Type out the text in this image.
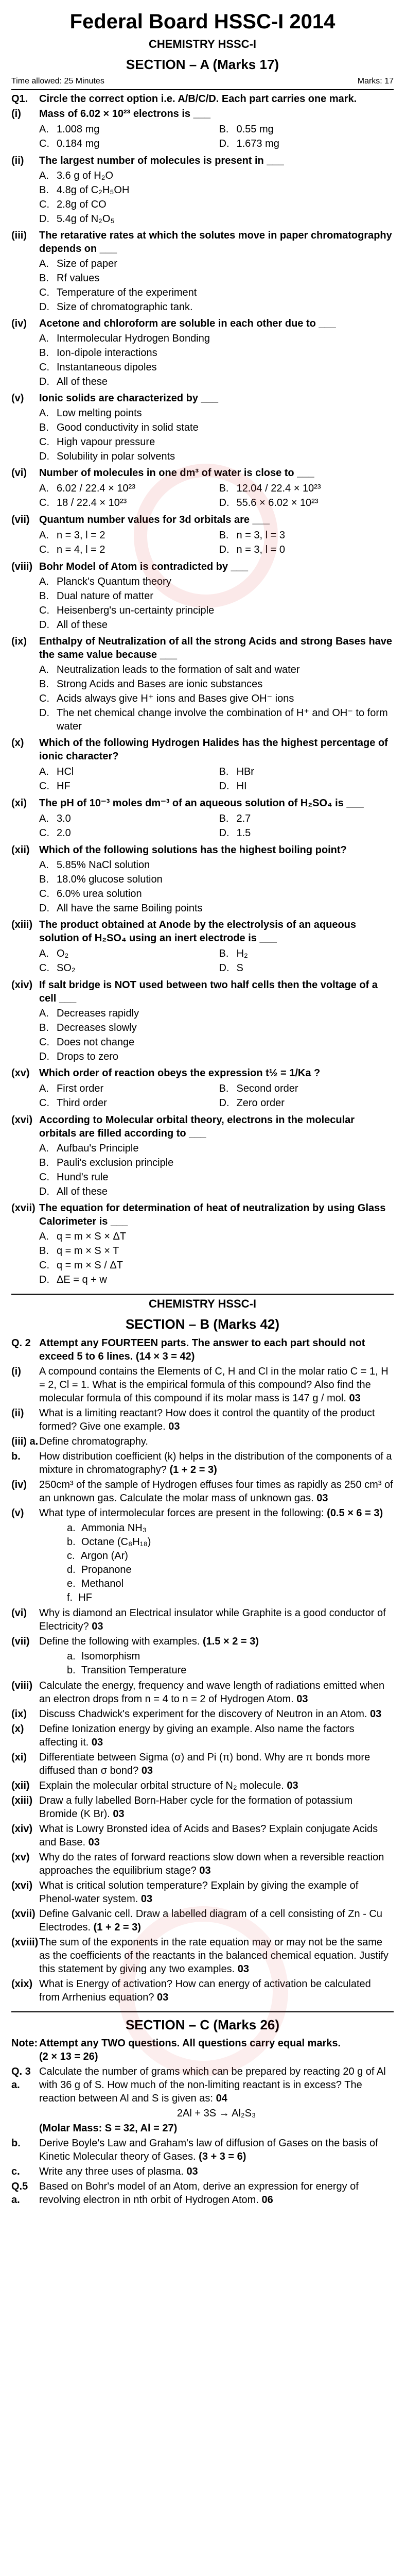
Federal Board HSSC-I 2014
CHEMISTRY HSSC-I
SECTION – A (Marks 17)
Time allowed: 25 Minutes	Marks: 17
Q1.	Circle the correct option i.e. A/B/C/D. Each part carries one mark.
(i)	Mass of 6.02 × 10²³ electrons is ___
A. 1.008 mg	B. 0.55 mg
C. 0.184 mg	D. 1.673 mg
(ii)	The largest number of molecules is present in ___
A. 3.6 g of H₂O
B. 4.8g of C₂H₅OH
C. 2.8g of CO
D. 5.4g of N₂O₅
(iii)	The retarative rates at which the solutes move in paper chromatography depends on ___
A. Size of paper
B. Rf values
C. Temperature of the experiment
D. Size of chromatographic tank.
(iv)	Acetone and chloroform are soluble in each other due to ___
A. Intermolecular Hydrogen Bonding
B. Ion-dipole interactions
C. Instantaneous dipoles
D. All of these
(v)	Ionic solids are characterized by ___
A. Low melting points
B. Good conductivity in solid state
C. High vapour pressure
D. Solubility in polar solvents
(vi)	Number of molecules in one dm³ of water is close to ___
A. 6.02 / 22.4 × 10²³	B. 12.04 / 22.4 × 10²³
C. 18 / 22.4 × 10²³	D. 55.6 × 6.02 × 10²³
(vii) Quantum number values for 3d orbitals are ___
A. n = 3, l = 2	B. n = 3, l = 3
C. n = 4, l = 2	D. n = 3, l = 0
(viii) Bohr Model of Atom is contradicted by ___
A. Planck's Quantum theory
B. Dual nature of matter
C. Heisenberg's un-certainty principle
D. All of these
(ix)	Enthalpy of Neutralization of all the strong Acids and strong Bases have the same value because ___
A. Neutralization leads to the formation of salt and water
B. Strong Acids and Bases are ionic substances
C. Acids always give H⁺ ions and Bases give OH⁻ ions
D. The net chemical change involve the combination of H⁺ and OH⁻ to form water
(x)	Which of the following Hydrogen Halides has the highest percentage of ionic character?
A. HCl	B. HBr
C. HF	D. HI
(xi)	The pH of 10⁻³ moles dm⁻³ of an aqueous solution of H₂SO₄ is ___
A. 3.0	B. 2.7
C. 2.0	D. 1.5
(xii) Which of the following solutions has the highest boiling point?
A. 5.85% NaCl solution
B. 18.0% glucose solution
C. 6.0% urea solution
D. All have the same Boiling points
(xiii) The product obtained at Anode by the electrolysis of an aqueous solution of H₂SO₄ using an inert electrode is ___
A. O₂	B. H₂
C. SO₂	D. S
(xiv) If salt bridge is NOT used between two half cells then the voltage of a cell ___
A. Decreases rapidly
B. Decreases slowly
C. Does not change
D. Drops to zero
(xv) Which order of reaction obeys the expression t½ = 1/Ka ?
A. First order	B. Second order
C. Third order	D. Zero order
(xvi) According to Molecular orbital theory, electrons in the molecular orbitals are filled according to ___
A. Aufbau's Principle
B. Pauli's exclusion principle
C. Hund's rule
D. All of these
(xvii) The equation for determination of heat of neutralization by using Glass Calorimeter is ___
A. q = m × S × ΔT
B. q = m × S × T
C. q = m × S / ΔT
D. ΔE = q + w
CHEMISTRY HSSC-I
SECTION – B (Marks 42)
Q. 2 Attempt any FOURTEEN parts. The answer to each part should not exceed 5 to 6 lines. (14 × 3 = 42)
(i)	A compound contains the Elements of C, H and Cl in the molar ratio C = 1, H = 2, Cl = 1. What is the empirical formula of this compound? Also find the molecular formula of this compound if its molar mass is 147 g / mol. 03
(ii)	What is a limiting reactant? How does it control the quantity of the product formed? Give one example. 03
(iii) a. Define chromatography.
b.	How distribution coefficient (k) helps in the distribution of the components of a mixture in chromatography? (1 + 2 = 3)
(iv)	250cm³ of the sample of Hydrogen effuses four times as rapidly as 250 cm³ of an unknown gas. Calculate the molar mass of unknown gas. 03
(v)	What type of intermolecular forces are present in the following: (0.5 × 6 = 3)
a. Ammonia NH₃
b. Octane (C₈H₁₈)
c. Argon (Ar)
d. Propanone
e. Methanol
f. HF
(vi)	Why is diamond an Electrical insulator while Graphite is a good conductor of Electricity? 03
(vii) Define the following with examples. (1.5 × 2 = 3)
a. Isomorphism
b. Transition Temperature
(viii) Calculate the energy, frequency and wave length of radiations emitted when an electron drops from n = 4 to n = 2 of Hydrogen Atom. 03
(ix)	Discuss Chadwick's experiment for the discovery of Neutron in an Atom. 03
(x)	Define Ionization energy by giving an example. Also name the factors affecting it. 03
(xi)	Differentiate between Sigma (σ) and Pi (π) bond. Why are π bonds more diffused than σ bond? 03
(xii) Explain the molecular orbital structure of N₂ molecule. 03
(xiii) Draw a fully labelled Born-Haber cycle for the formation of potassium Bromide (K Br). 03
(xiv) What is Lowry Bronsted idea of Acids and Bases? Explain conjugate Acids and Base. 03
(xv) Why do the rates of forward reactions slow down when a reversible reaction approaches the equilibrium stage? 03
(xvi) What is critical solution temperature? Explain by giving the example of Phenol-water system. 03
(xvii) Define Galvanic cell. Draw a labelled diagram of a cell consisting of Zn - Cu Electrodes. (1 + 2 = 3)
(xviii) The sum of the exponents in the rate equation may or may not be the same as the coefficients of the reactants in the balanced chemical equation. Justify this statement by giving any two examples. 03
(xix) What is Energy of activation? How can energy of activation be calculated from Arrhenius equation? 03
SECTION – C (Marks 26)
Note: Attempt any TWO questions. All questions carry equal marks. (2 × 13 = 26)
Q. 3 a.
Calculate the number of grams which can be prepared by reacting 20 g of Al with 36 g of S. How much of the non-limiting reactant is in excess? The reaction between Al and S is given as: 04
2Al + 3S → Al₂S₃
(Molar Mass: S = 32, Al = 27)
b.	Derive Boyle's Law and Graham's law of diffusion of Gases on the basis of Kinetic Molecular theory of Gases. (3 + 3 = 6)
c.	Write any three uses of plasma. 03
Q.5 a.
Based on Bohr's model of an Atom, derive an expression for energy of revolving electron in nth orbit of Hydrogen Atom. 06
